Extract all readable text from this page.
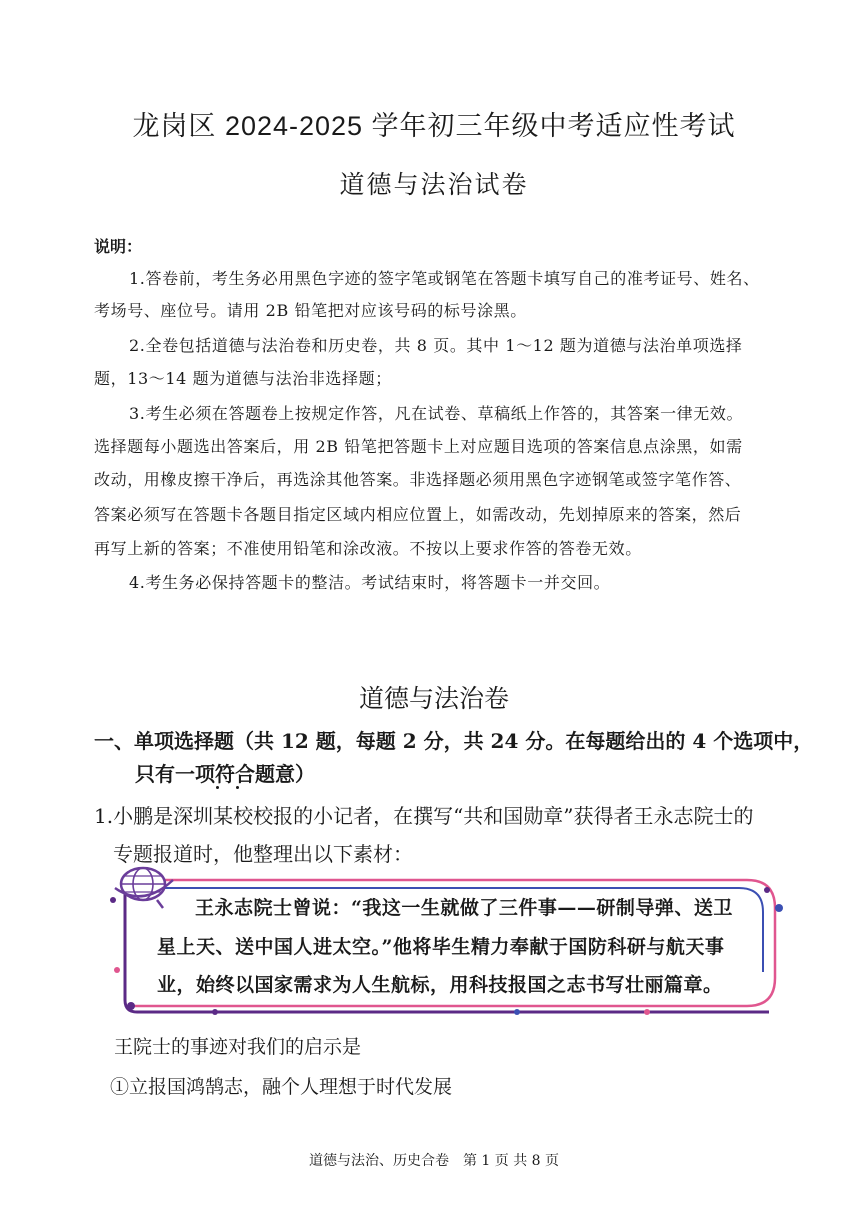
龙岗区 2024-2025 学年初三年级中考适应性考试
道德与法治试卷
说明：
1.答卷前，考生务必用黑色字迹的签字笔或钢笔在答题卡填写自己的准考证号、姓名、
考场号、座位号。请用 2B 铅笔把对应该号码的标号涂黑。
2.全卷包括道德与法治卷和历史卷，共 8 页。其中 1～12 题为道德与法治单项选择
题，13～14 题为道德与法治非选择题；
3.考生必须在答题卷上按规定作答，凡在试卷、草稿纸上作答的，其答案一律无效。
选择题每小题选出答案后，用 2B 铅笔把答题卡上对应题目选项的答案信息点涂黑，如需
改动，用橡皮擦干净后，再选涂其他答案。非选择题必须用黑色字迹钢笔或签字笔作答、
答案必须写在答题卡各题目指定区域内相应位置上，如需改动，先划掉原来的答案，然后
再写上新的答案；不准使用铅笔和涂改液。不按以上要求作答的答卷无效。
4.考生务必保持答题卡的整洁。考试结束时，将答题卡一并交回。
道德与法治卷
一、单项选择题（共 12 题，每题 2 分，共 24 分。在每题给出的 4 个选项中，
只有一项符合题意）
1.小鹏是深圳某校校报的小记者，在撰写“共和国勋章”获得者王永志院士的
专题报道时，他整理出以下素材：
王永志院士曾说：“我这一生就做了三件事——研制导弹、送卫
星上天、送中国人进太空。”他将毕生精力奉献于国防科研与航天事
业，始终以国家需求为人生航标，用科技报国之志书写壮丽篇章。
王院士的事迹对我们的启示是
①立报国鸿鹄志，融个人理想于时代发展
道德与法治、历史合卷　第 1 页 共 8 页
